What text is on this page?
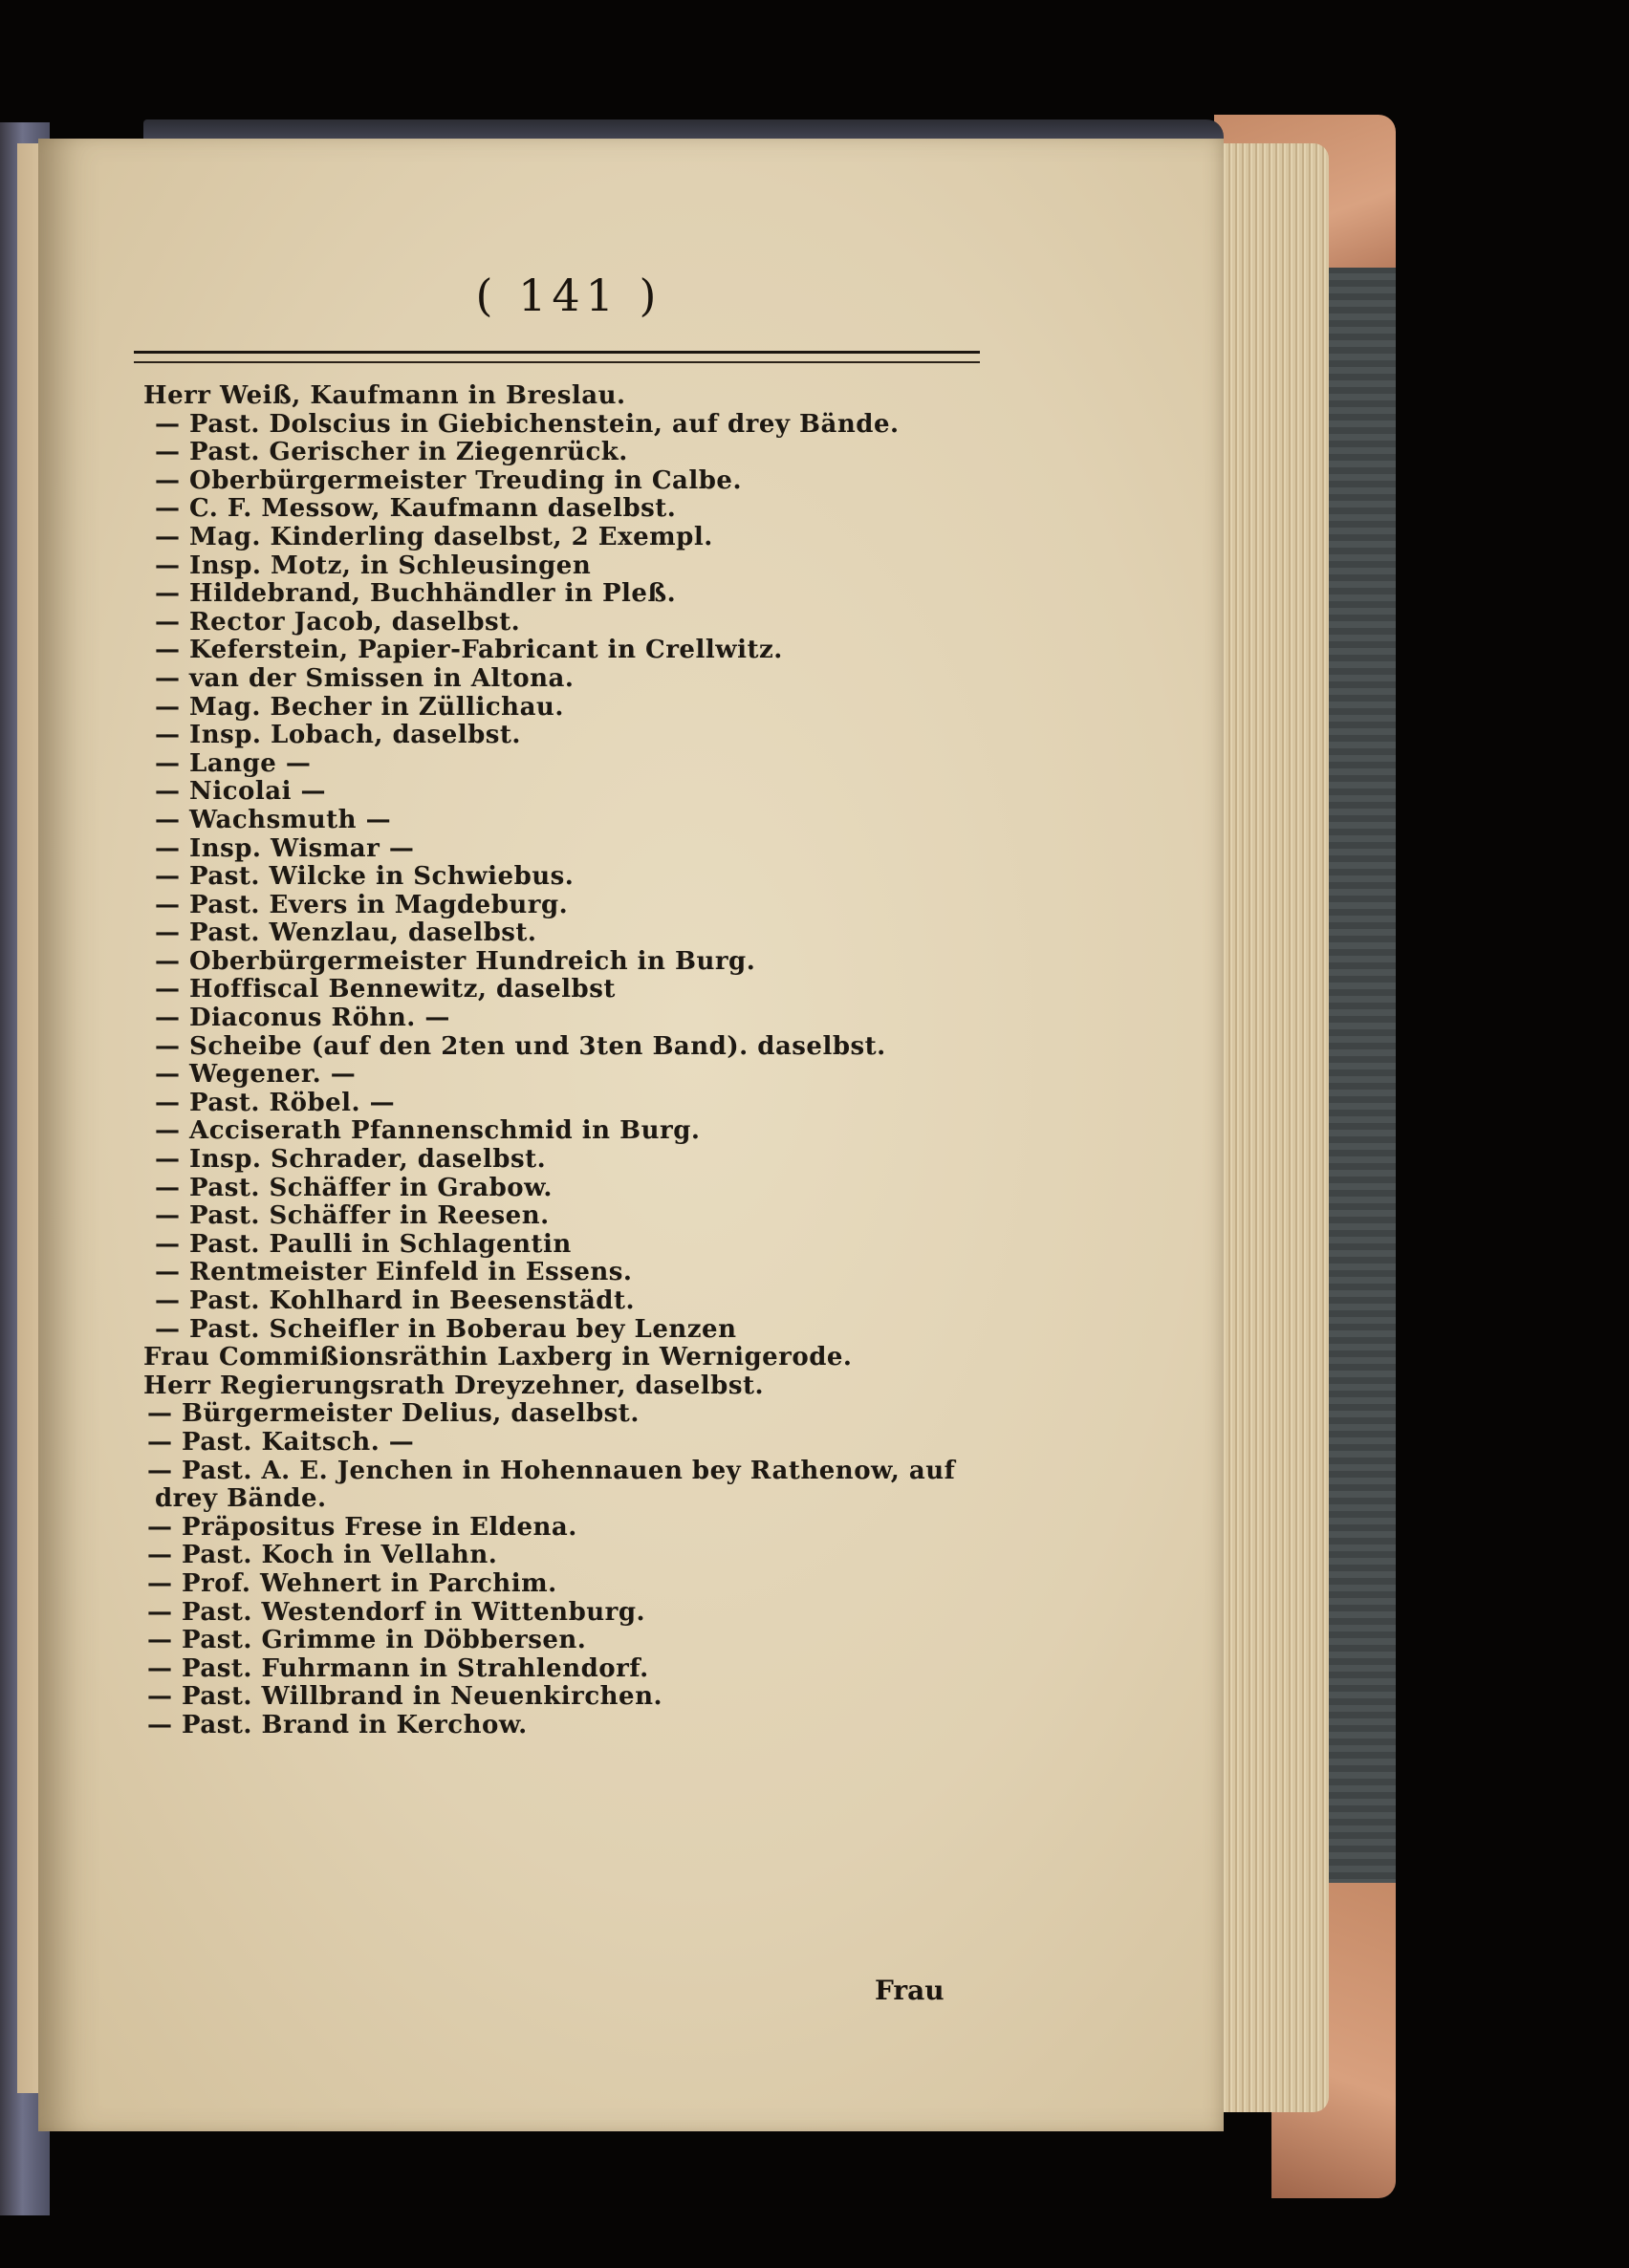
( 141 )
Herr Weiß, Kaufmann in Breslau.
— Past. Dolscius in Giebichenstein, auf drey Bände.
— Past. Gerischer in Ziegenrück.
— Oberbürgermeister Treuding in Calbe.
— C. F. Messow, Kaufmann daselbst.
— Mag. Kinderling daselbst, 2 Exempl.
— Insp. Motz, in Schleusingen
— Hildebrand, Buchhändler in Pleß.
— Rector Jacob, daselbst.
— Keferstein, Papier-Fabricant in Crellwitz.
— van der Smissen in Altona.
— Mag. Becher in Züllichau.
— Insp. Lobach, daselbst.
— Lange —
— Nicolai —
— Wachsmuth —
— Insp. Wismar —
— Past. Wilcke in Schwiebus.
— Past. Evers in Magdeburg.
— Past. Wenzlau, daselbst.
— Oberbürgermeister Hundreich in Burg.
— Hoffiscal Bennewitz, daselbst
— Diaconus Röhn. —
— Scheibe (auf den 2ten und 3ten Band). daselbst.
— Wegener. —
— Past. Röbel. —
— Acciserath Pfannenschmid in Burg.
— Insp. Schrader, daselbst.
— Past. Schäffer in Grabow.
— Past. Schäffer in Reesen.
— Past. Paulli in Schlagentin
— Rentmeister Einfeld in Essens.
— Past. Kohlhard in Beesenstädt.
— Past. Scheifler in Boberau bey Lenzen
Frau Commißionsräthin Laxberg in Wernigerode.
Herr Regierungsrath Dreyzehner, daselbst.
— Bürgermeister Delius, daselbst.
— Past. Kaitsch. —
— Past. A. E. Jenchen in Hohennauen bey Rathenow, auf
drey Bände.
— Präpositus Frese in Eldena.
— Past. Koch in Vellahn.
— Prof. Wehnert in Parchim.
— Past. Westendorf in Wittenburg.
— Past. Grimme in Döbbersen.
— Past. Fuhrmann in Strahlendorf.
— Past. Willbrand in Neuenkirchen.
— Past. Brand in Kerchow.
Frau
